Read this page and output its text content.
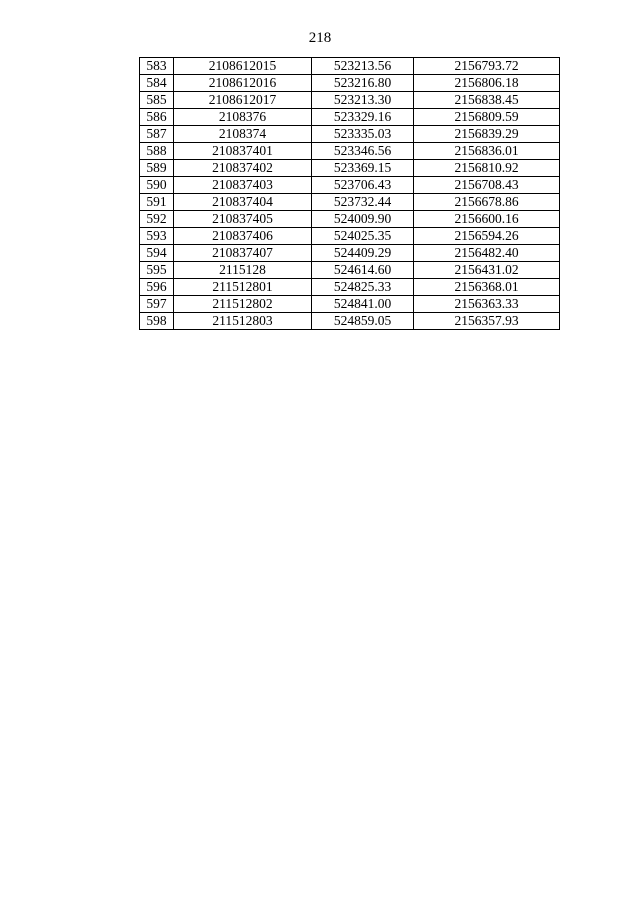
218
583	2108612015	523213.56	2156793.72
584	2108612016	523216.80	2156806.18
585	2108612017	523213.30	2156838.45
586	2108376	523329.16	2156809.59
587	2108374	523335.03	2156839.29
588	210837401	523346.56	2156836.01
589	210837402	523369.15	2156810.92
590	210837403	523706.43	2156708.43
591	210837404	523732.44	2156678.86
592	210837405	524009.90	2156600.16
593	210837406	524025.35	2156594.26
594	210837407	524409.29	2156482.40
595	2115128	524614.60	2156431.02
596	211512801	524825.33	2156368.01
597	211512802	524841.00	2156363.33
598	211512803	524859.05	2156357.93
